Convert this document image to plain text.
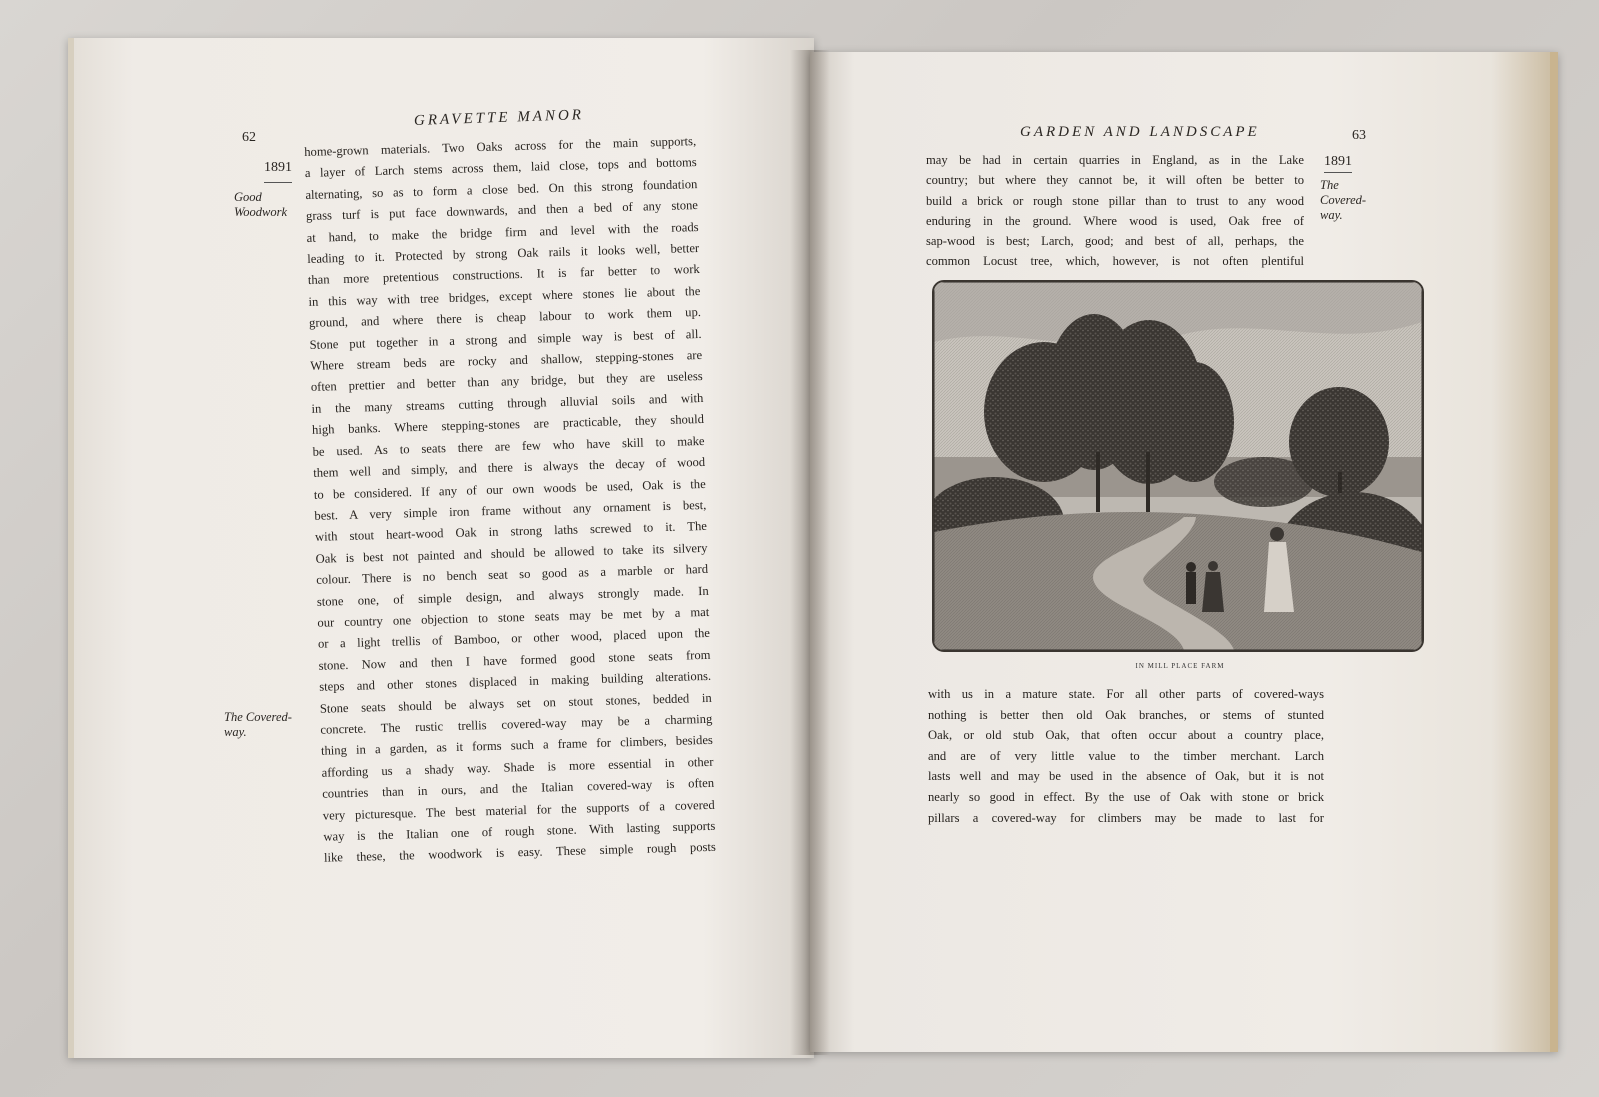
GRAVETTE MANOR
62
1891
Good Woodwork
The Covered-way.
home-grown materials. Two Oaks across for the main supports,
a layer of Larch stems across them, laid close, tops and bottoms
alternating, so as to form a close bed. On this strong foundation
grass turf is put face downwards, and then a bed of any stone
at hand, to make the bridge firm and level with the roads
leading to it. Protected by strong Oak rails it looks well, better
than more pretentious constructions. It is far better to work
in this way with tree bridges, except where stones lie about the
ground, and where there is cheap labour to work them up.
Stone put together in a strong and simple way is best of all.
Where stream beds are rocky and shallow, stepping-stones are
often prettier and better than any bridge, but they are useless
in the many streams cutting through alluvial soils and with
high banks. Where stepping-stones are practicable, they should
be used. As to seats there are few who have skill to make
them well and simply, and there is always the decay of wood
to be considered. If any of our own woods be used, Oak is the
best. A very simple iron frame without any ornament is best,
with stout heart-wood Oak in strong laths screwed to it. The
Oak is best not painted and should be allowed to take its silvery
colour. There is no bench seat so good as a marble or hard
stone one, of simple design, and always strongly made. In
our country one objection to stone seats may be met by a mat
or a light trellis of Bamboo, or other wood, placed upon the
stone. Now and then I have formed good stone seats from
steps and other stones displaced in making building alterations.
Stone seats should be always set on stout stones, bedded in
concrete. The rustic trellis covered-way may be a charming
thing in a garden, as it forms such a frame for climbers, besides
affording us a shady way. Shade is more essential in other
countries than in ours, and the Italian covered-way is often
very picturesque. The best material for the supports of a covered
way is the Italian one of rough stone. With lasting supports
like these, the woodwork is easy. These simple rough posts
GARDEN AND LANDSCAPE	63
1891
The Covered-way.
may be had in certain quarries in England, as in the Lake
country; but where they cannot be, it will often be better to
build a brick or rough stone pillar than to trust to any wood
enduring in the ground. Where wood is used, Oak free of
sap-wood is best; Larch, good; and best of all, perhaps, the
common Locust tree, which, however, is not often plentiful
IN MILL PLACE FARM
with us in a mature state. For all other parts of covered-ways
nothing is better then old Oak branches, or stems of stunted
Oak, or old stub Oak, that often occur about a country place,
and are of very little value to the timber merchant. Larch
lasts well and may be used in the absence of Oak, but it is not
nearly so good in effect. By the use of Oak with stone or brick
pillars a covered-way for climbers may be made to last for
